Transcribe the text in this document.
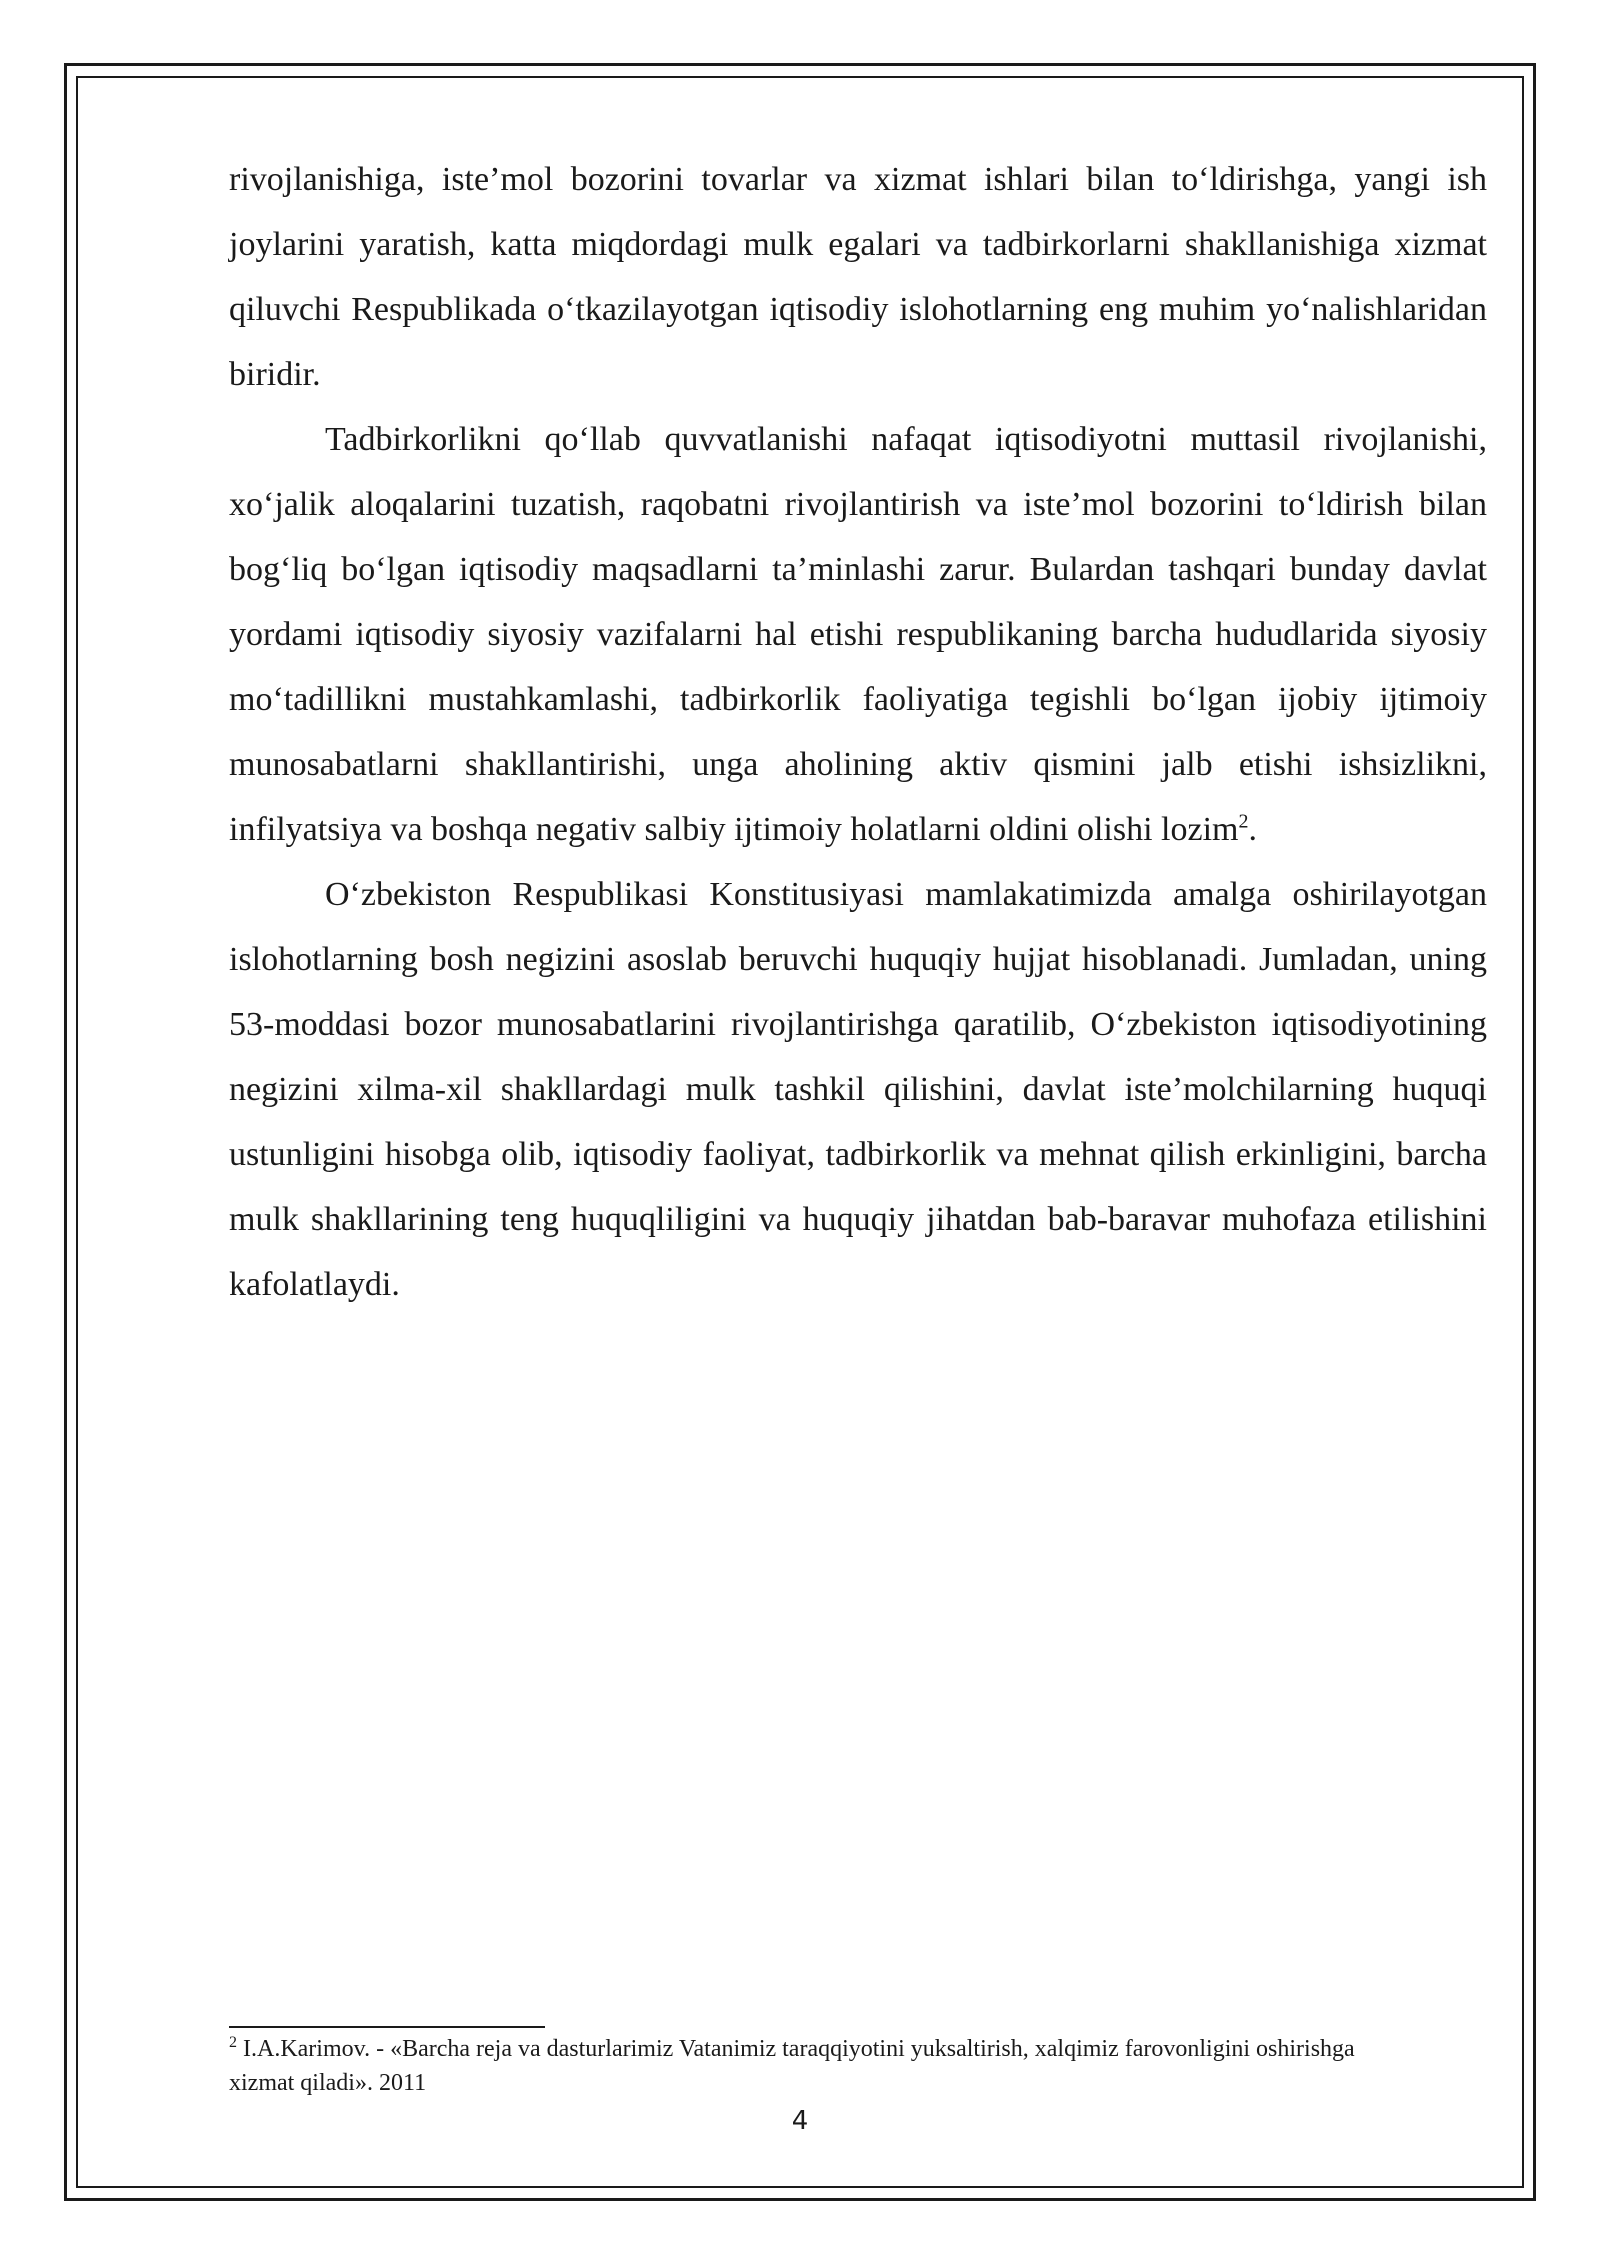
rivojlanishiga, iste’mol bozorini tovarlar va xizmat ishlari bilan to‘ldirishga, yangi ish joylarini yaratish, katta miqdordagi mulk egalari va tadbirkorlarni shakllanishiga xizmat qiluvchi Respublikada o‘tkazilayotgan iqtisodiy islohotlarning eng muhim yo‘nalishlaridan biridir.

Tadbirkorlikni qo‘llab quvvatlanishi nafaqat iqtisodiyotni muttasil rivojlanishi, xo‘jalik aloqalarini tuzatish, raqobatni rivojlantirish va iste’mol bozorini to‘ldirish bilan bog‘liq bo‘lgan iqtisodiy maqsadlarni ta’minlashi zarur. Bulardan tashqari bunday davlat yordami iqtisodiy siyosiy vazifalarni hal etishi respublikaning barcha hududlarida siyosiy mo‘tadillikni mustahkamlashi, tadbirkorlik faoliyatiga tegishli bo‘lgan ijobiy ijtimoiy munosabatlarni shakllantirishi, unga aholining aktiv qismini jalb etishi ishsizlikni, infilyatsiya va boshqa negativ salbiy ijtimoiy holatlarni oldini olishi lozim$^2$.

O‘zbekiston Respublikasi Konstitusiyasi mamlakatimizda amalga oshirilayotgan islohotlarning bosh negizini asoslab beruvchi huquqiy hujjat hisoblanadi. Jumladan, uning 53-moddasi bozor munosabatlarini rivojlantirishga qaratilib, O‘zbekiston iqtisodiyotining negizini xilma-xil shakllardagi mulk tashkil qilishini, davlat iste’molchilarning huquqi ustunligini hisobga olib, iqtisodiy faoliyat, tadbirkorlik va mehnat qilish erkinligini, barcha mulk shakllarining teng huquqliligini va huquqiy jihatdan bab-baravar muhofaza etilishini kafolatlaydi.

$^2$ I.A.Karimov. - «Barcha reja va dasturlarimiz Vatanimiz taraqqiyotini yuksaltirish, xalqimiz farovonligini oshirishga xizmat qiladi». 2011

4
